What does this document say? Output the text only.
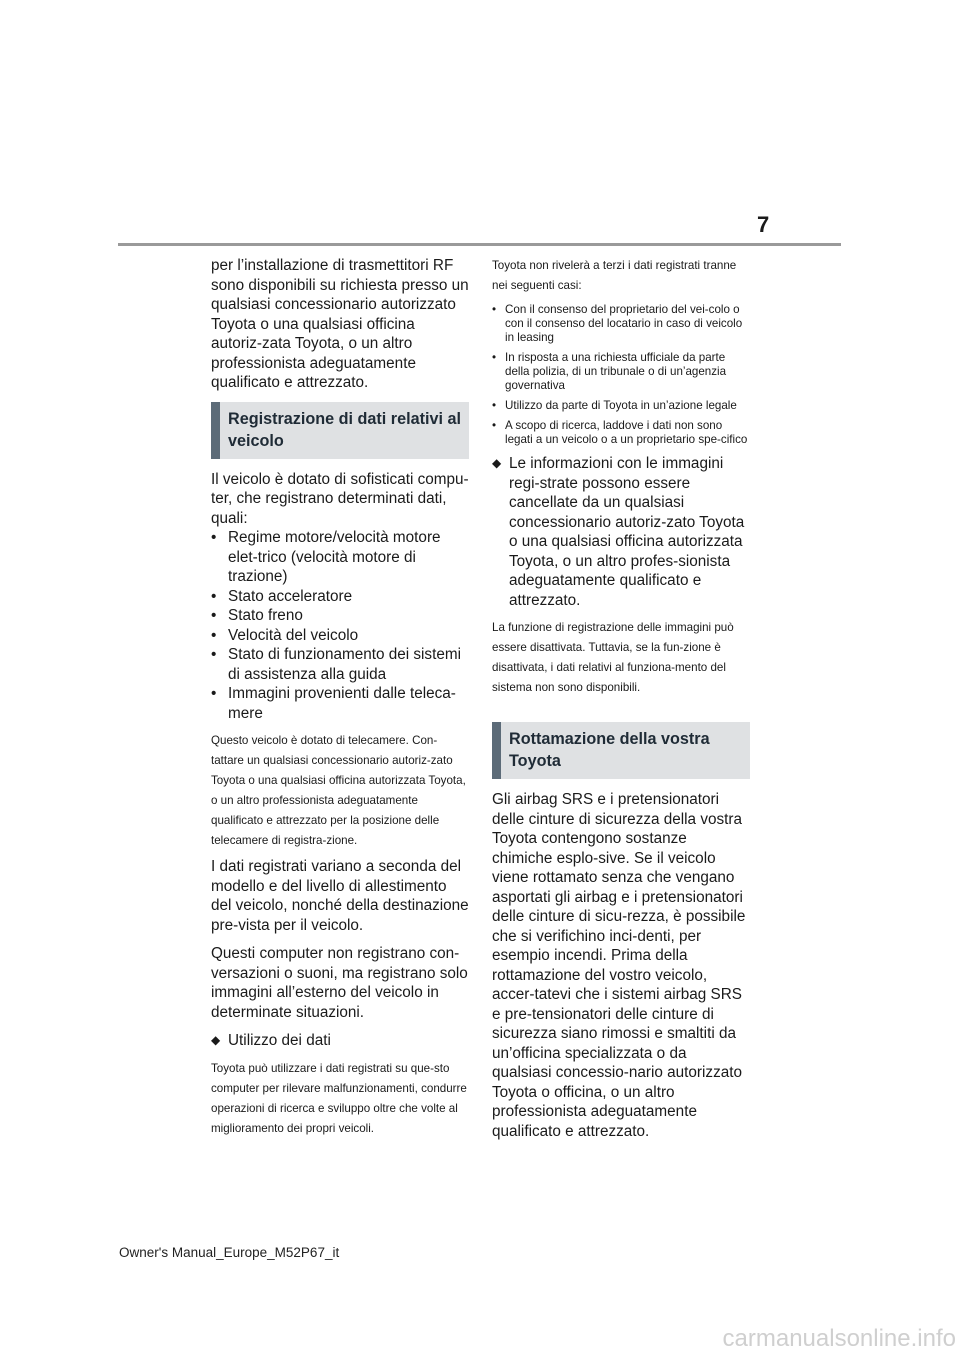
7

per l’installazione di trasmettitori RF sono disponibili su richiesta presso un qualsiasi concessionario autorizzato Toyota o una qualsiasi officina autoriz-zata Toyota, o un altro professionista adeguatamente qualificato e attrezzato.

Registrazione di dati relativi al veicolo

Il veicolo è dotato di sofisticati compu-ter, che registrano determinati dati, quali:

• Regime motore/velocità motore elet-trico (velocità motore di trazione)

• Stato acceleratore

• Stato freno

• Velocità del veicolo

• Stato di funzionamento dei sistemi di assistenza alla guida

• Immagini provenienti dalle teleca-mere

Questo veicolo è dotato di telecamere. Con-tattare un qualsiasi concessionario autoriz-zato Toyota o una qualsiasi officina autorizzata Toyota, o un altro professionista adeguatamente qualificato e attrezzato per la posizione delle telecamere di registra-zione.

I dati registrati variano a seconda del modello e del livello di allestimento del veicolo, nonché della destinazione pre-vista per il veicolo.

Questi computer non registrano con-versazioni o suoni, ma registrano solo immagini all’esterno del veicolo in determinate situazioni.

◆ Utilizzo dei dati

Toyota può utilizzare i dati registrati su que-sto computer per rilevare malfunzionamenti, condurre operazioni di ricerca e sviluppo oltre che volte al miglioramento dei propri veicoli.

Toyota non rivelerà a terzi i dati registrati tranne nei seguenti casi:

• Con il consenso del proprietario del vei-colo o con il consenso del locatario in caso di veicolo in leasing

• In risposta a una richiesta ufficiale da parte della polizia, di un tribunale o di un’agenzia governativa

• Utilizzo da parte di Toyota in un’azione legale

• A scopo di ricerca, laddove i dati non sono legati a un veicolo o a un proprietario spe-cifico

◆ Le informazioni con le immagini regi-strate possono essere cancellate da un qualsiasi concessionario autoriz-zato Toyota o una qualsiasi officina autorizzata Toyota, o un altro profes-sionista adeguatamente qualificato e attrezzato.

La funzione di registrazione delle immagini può essere disattivata. Tuttavia, se la fun-zione è disattivata, i dati relativi al funziona-mento del sistema non sono disponibili.

Rottamazione della vostra Toyota

Gli airbag SRS e i pretensionatori delle cinture di sicurezza della vostra Toyota contengono sostanze chimiche esplo-sive. Se il veicolo viene rottamato senza che vengano asportati gli airbag e i pretensionatori delle cinture di sicu-rezza, è possibile che si verifichino inci-denti, per esempio incendi. Prima della rottamazione del vostro veicolo, accer-tatevi che i sistemi airbag SRS e pre-tensionatori delle cinture di sicurezza siano rimossi e smaltiti da un’officina specializzata o da qualsiasi concessio-nario autorizzato Toyota o officina, o un altro professionista adeguatamente qualificato e attrezzato.

Owner's Manual_Europe_M52P67_it
carmanualsonline.info
